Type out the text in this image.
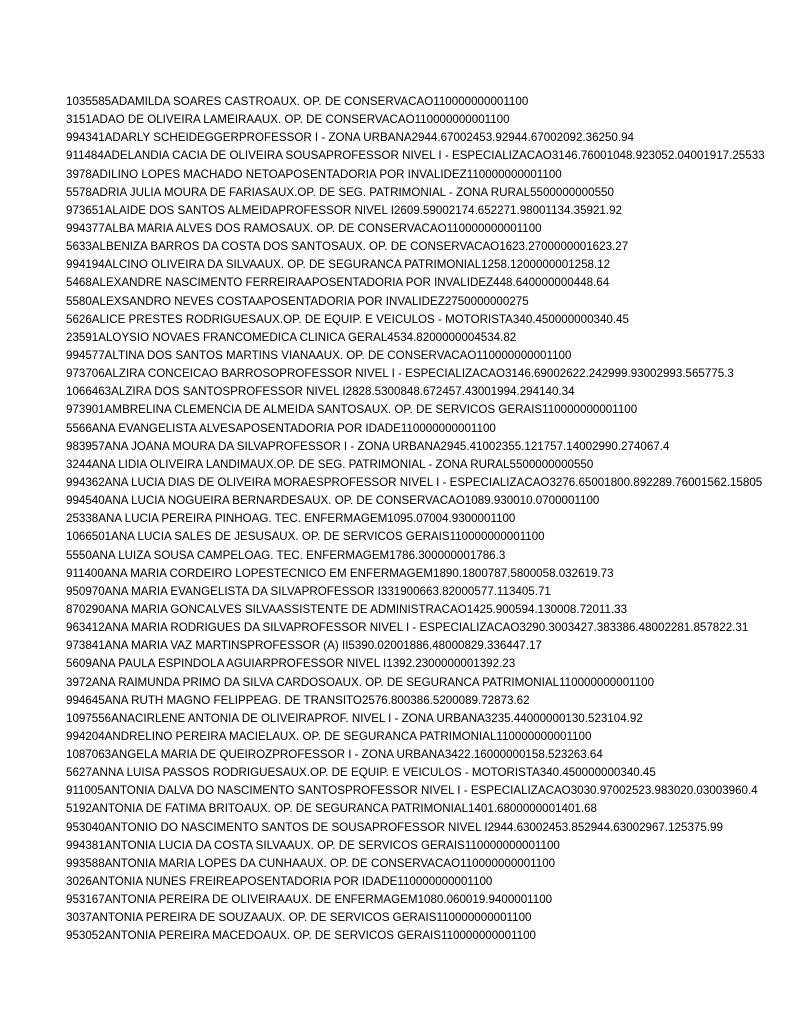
1035585ADAMILDA SOARES CASTROAUX. OP. DE CONSERVACAO110000000001100
3151ADAO DE OLIVEIRA LAMEIRAAUX. OP. DE CONSERVACAO110000000001100
994341ADARLY SCHEIDEGGERPROFESSOR I - ZONA URBANA2944.67002453.92944.67002092.36250.94
911484ADELANDIA CACIA DE OLIVEIRA SOUSAPROFESSOR NIVEL I - ESPECIALIZACAO3146.76001048.923052.04001917.25533
3978ADILINO LOPES MACHADO NETOAPOSENTADORIA POR INVALIDEZ110000000001100
5578ADRIA JULIA MOURA DE FARIASAUX.OP. DE SEG. PATRIMONIAL - ZONA RURAL5500000000550
973651ALAIDE DOS SANTOS ALMEIDAPROFESSOR NIVEL I2609.59002174.652271.98001134.35921.92
994377ALBA MARIA ALVES DOS RAMOSAUX. OP. DE CONSERVACAO110000000001100
5633ALBENIZA BARROS DA COSTA DOS SANTOSAUX. OP. DE CONSERVACAO1623.2700000001623.27
994194ALCINO OLIVEIRA DA SILVAAUX. OP. DE SEGURANCA PATRIMONIAL1258.1200000001258.12
5468ALEXANDRE NASCIMENTO FERREIRAAPOSENTADORIA POR INVALIDEZ448.640000000448.64
5580ALEXSANDRO NEVES COSTAAPOSENTADORIA POR INVALIDEZ2750000000275
5626ALICE PRESTES RODRIGUESAUX.OP. DE EQUIP. E VEICULOS - MOTORISTA340.450000000340.45
23591ALOYSIO NOVAES FRANCOMEDICA CLINICA GERAL4534.8200000004534.82
994577ALTINA DOS SANTOS MARTINS VIANAAUX. OP. DE CONSERVACAO110000000001100
973706ALZIRA CONCEICAO BARROSOPROFESSOR NIVEL I - ESPECIALIZACAO3146.69002622.242999.93002993.565775.3
1066463ALZIRA DOS SANTOSPROFESSOR NIVEL I2828.5300848.672457.43001994.294140.34
973901AMBRELINA CLEMENCIA DE ALMEIDA SANTOSAUX. OP. DE SERVICOS GERAIS110000000001100
5566ANA EVANGELISTA ALVESAPOSENTADORIA POR IDADE110000000001100
983957ANA JOANA MOURA DA SILVAPROFESSOR I - ZONA URBANA2945.41002355.121757.14002990.274067.4
3244ANA LIDIA OLIVEIRA LANDIMAUX.OP. DE SEG. PATRIMONIAL - ZONA RURAL5500000000550
994362ANA LUCIA DIAS DE OLIVEIRA MORAESPROFESSOR NIVEL I - ESPECIALIZACAO3276.65001800.892289.76001562.15805
994540ANA LUCIA NOGUEIRA BERNARDESAUX. OP. DE CONSERVACAO1089.930010.0700001100
25338ANA LUCIA PEREIRA PINHOAG. TEC. ENFERMAGEM1095.07004.9300001100
1066501ANA LUCIA SALES DE JESUSAUX. OP. DE SERVICOS GERAIS110000000001100
5550ANA LUIZA SOUSA CAMPELOAG. TEC. ENFERMAGEM1786.300000001786.3
911400ANA MARIA CORDEIRO LOPESTECNICO EM ENFERMAGEM1890.1800787.5800058.032619.73
950970ANA MARIA EVANGELISTA DA SILVAPROFESSOR I331900663.82000577.113405.71
870290ANA MARIA GONCALVES SILVAASSISTENTE DE ADMINISTRACAO1425.900594.130008.72011.33
963412ANA MARIA RODRIGUES DA SILVAPROFESSOR NIVEL I - ESPECIALIZACAO3290.3003427.383386.48002281.857822.31
973841ANA MARIA VAZ MARTINSPROFESSOR (A) II5390.02001886.48000829.336447.17
5609ANA PAULA ESPINDOLA AGUIARPROFESSOR NIVEL I1392.2300000001392.23
3972ANA RAIMUNDA PRIMO DA SILVA CARDOSOAUX. OP. DE SEGURANCA PATRIMONIAL110000000001100
994645ANA RUTH MAGNO FELIPPEAG. DE TRANSITO2576.800386.5200089.72873.62
1097556ANACIRLENE ANTONIA DE OLIVEIRAPROF. NIVEL I - ZONA URBANA3235.44000000130.523104.92
994204ANDRELINO PEREIRA MACIELAUX. OP. DE SEGURANCA PATRIMONIAL110000000001100
1087063ANGELA MARIA DE QUEIROZPROFESSOR I - ZONA URBANA3422.16000000158.523263.64
5627ANNA LUISA PASSOS RODRIGUESAUX.OP. DE EQUIP. E VEICULOS - MOTORISTA340.450000000340.45
911005ANTONIA DALVA DO NASCIMENTO SANTOSPROFESSOR NIVEL I - ESPECIALIZACAO3030.97002523.983020.03003960.4
5192ANTONIA DE FATIMA BRITOAUX. OP. DE SEGURANCA PATRIMONIAL1401.6800000001401.68
953040ANTONIO DO NASCIMENTO SANTOS DE SOUSAPROFESSOR NIVEL I2944.63002453.852944.63002967.125375.99
994381ANTONIA LUCIA DA COSTA SILVAAUX. OP. DE SERVICOS GERAIS110000000001100
993588ANTONIA MARIA LOPES DA CUNHAAUX. OP. DE CONSERVACAO110000000001100
3026ANTONIA NUNES FREIREAPOSENTADORIA POR IDADE110000000001100
953167ANTONIA PEREIRA DE OLIVEIRAAUX. DE ENFERMAGEM1080.060019.9400001100
3037ANTONIA PEREIRA DE SOUZAAUX. OP. DE SERVICOS GERAIS110000000001100
953052ANTONIA PEREIRA MACEDOAUX. OP. DE SERVICOS GERAIS110000000001100
